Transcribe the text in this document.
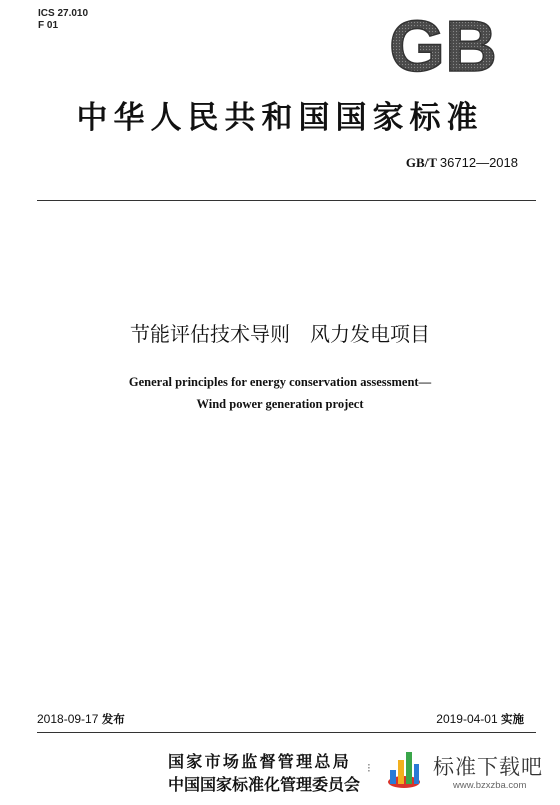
ICS 27.010
F 01	GB
中华人民共和国国家标准
GB/T 36712—2018
节能评估技术导则　风力发电项目
General principles for energy conservation assessment—
Wind power generation project
2018-09-17 发布	2019-04-01 实施
国家市场监督管理总局
中国国家标准化管理委员会
⁝	标准下载吧
www.bzxzba.com
